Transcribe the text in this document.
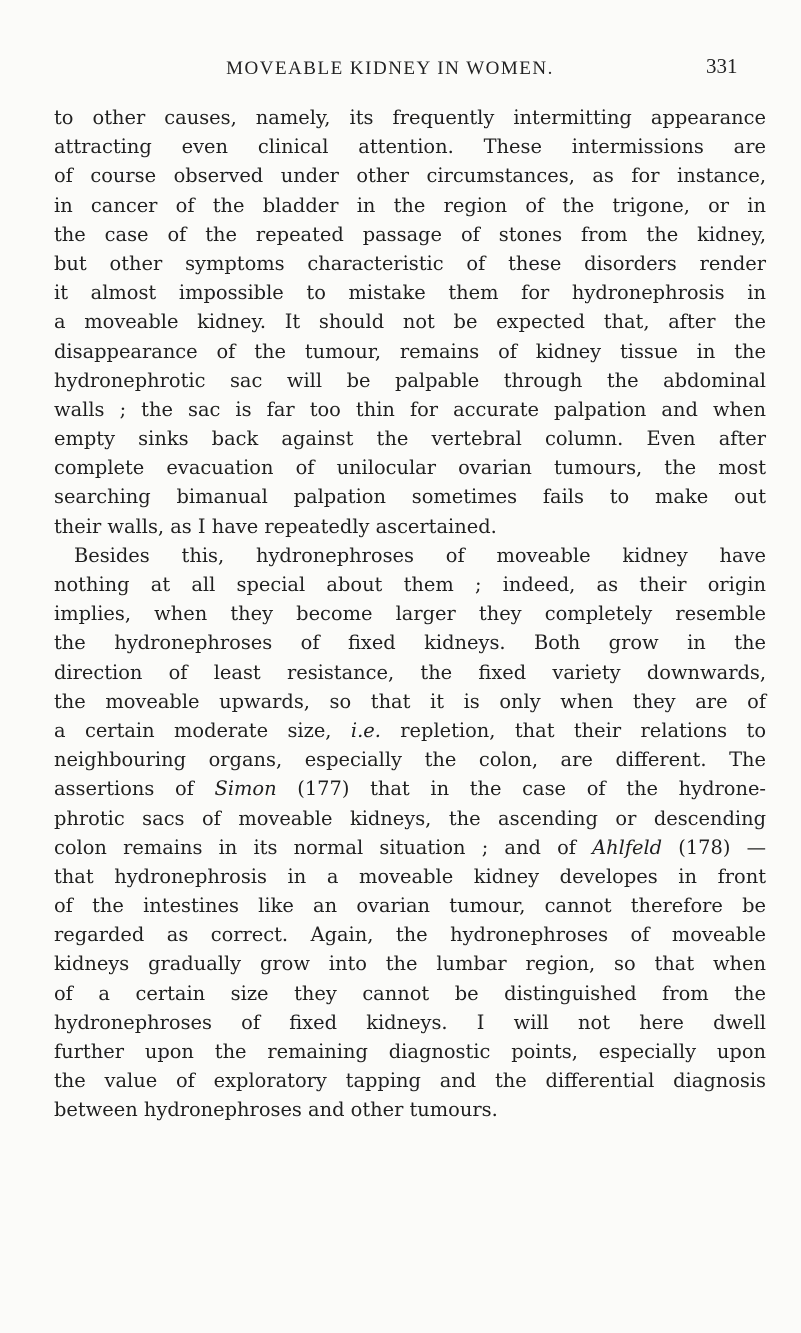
MOVEABLE KIDNEY IN WOMEN.	331
to other causes, namely, its frequently intermitting appearance
attracting even clinical attention. These intermissions are
of course observed under other circumstances, as for instance,
in cancer of the bladder in the region of the trigone, or in
the case of the repeated passage of stones from the kidney,
but other symptoms characteristic of these disorders render
it almost impossible to mistake them for hydronephrosis in
a moveable kidney. It should not be expected that, after the
disappearance of the tumour, remains of kidney tissue in the
hydronephrotic sac will be palpable through the abdominal
walls ; the sac is far too thin for accurate palpation and when
empty sinks back against the vertebral column. Even after
complete evacuation of unilocular ovarian tumours, the most
searching bimanual palpation sometimes fails to make out
their walls, as I have repeatedly ascertained.
Besides this, hydronephroses of moveable kidney have
nothing at all special about them ; indeed, as their origin
implies, when they become larger they completely resemble
the hydronephroses of fixed kidneys. Both grow in the
direction of least resistance, the fixed variety downwards,
the moveable upwards, so that it is only when they are of
a certain moderate size, i.e. repletion, that their relations to
neighbouring organs, especially the colon, are different. The
assertions of Simon (177) that in the case of the hydrone-
phrotic sacs of moveable kidneys, the ascending or descending
colon remains in its normal situation ; and of Ahlfeld (178) —
that hydronephrosis in a moveable kidney developes in front
of the intestines like an ovarian tumour, cannot therefore be
regarded as correct. Again, the hydronephroses of moveable
kidneys gradually grow into the lumbar region, so that when
of a certain size they cannot be distinguished from the
hydronephroses of fixed kidneys. I will not here dwell
further upon the remaining diagnostic points, especially upon
the value of exploratory tapping and the differential diagnosis
between hydronephroses and other tumours.
